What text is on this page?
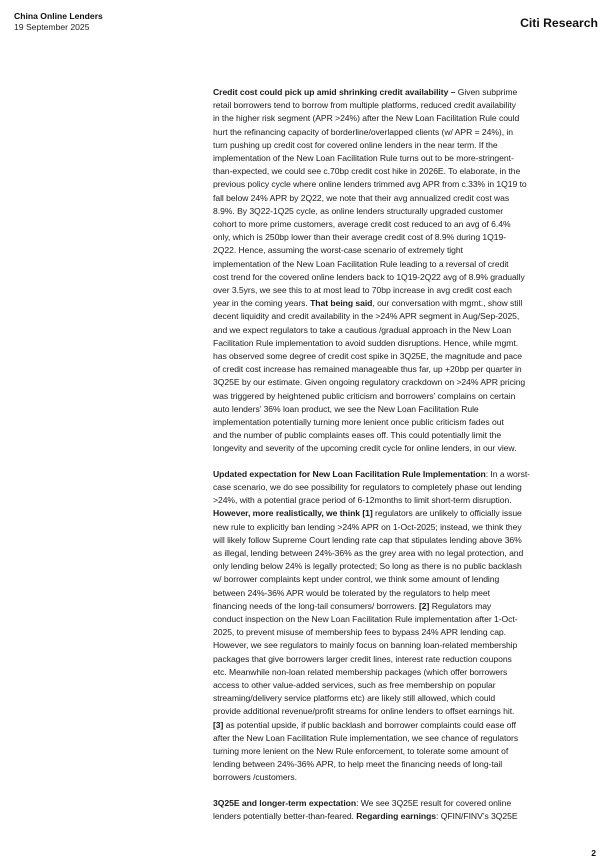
China Online Lenders
19 September 2025	Citi Research

Credit cost could pick up amid shrinking credit availability – Given subprime
retail borrowers tend to borrow from multiple platforms, reduced credit availability
in the higher risk segment (APR >24%) after the New Loan Facilitation Rule could
hurt the refinancing capacity of borderline/overlapped clients (w/ APR = 24%), in
turn pushing up credit cost for covered online lenders in the near term. If the
implementation of the New Loan Facilitation Rule turns out to be more-stringent-
than-expected, we could see c.70bp credit cost hike in 2026E. To elaborate, in the
previous policy cycle where online lenders trimmed avg APR from c.33% in 1Q19 to
fall below 24% APR by 2Q22, we note that their avg annualized credit cost was
8.9%. By 3Q22-1Q25 cycle, as online lenders structurally upgraded customer
cohort to more prime customers, average credit cost reduced to an avg of 6.4%
only, which is 250bp lower than their average credit cost of 8.9% during 1Q19-
2Q22. Hence, assuming the worst-case scenario of extremely tight
implementation of the New Loan Facilitation Rule leading to a reversal of credit
cost trend for the covered online lenders back to 1Q19-2Q22 avg of 8.9% gradually
over 3.5yrs, we see this to at most lead to 70bp increase in avg credit cost each
year in the coming years. That being said, our conversation with mgmt., show still
decent liquidity and credit availability in the >24% APR segment in Aug/Sep-2025,
and we expect regulators to take a cautious /gradual approach in the New Loan
Facilitation Rule implementation to avoid sudden disruptions. Hence, while mgmt.
has observed some degree of credit cost spike in 3Q25E, the magnitude and pace
of credit cost increase has remained manageable thus far, up +20bp per quarter in
3Q25E by our estimate. Given ongoing regulatory crackdown on >24% APR pricing
was triggered by heightened public criticism and borrowers’ complains on certain
auto lenders’ 36% loan product, we see the New Loan Facilitation Rule
implementation potentially turning more lenient once public criticism fades out
and the number of public complaints eases off. This could potentially limit the
longevity and severity of the upcoming credit cycle for online lenders, in our view.

Updated expectation for New Loan Facilitation Rule Implementation: In a worst-
case scenario, we do see possibility for regulators to completely phase out lending
>24%, with a potential grace period of 6-12months to limit short-term disruption.
However, more realistically, we think [1] regulators are unlikely to officially issue
new rule to explicitly ban lending >24% APR on 1-Oct-2025; instead, we think they
will likely follow Supreme Court lending rate cap that stipulates lending above 36%
as illegal, lending between 24%-36% as the grey area with no legal protection, and
only lending below 24% is legally protected; So long as there is no public backlash
w/ borrower complaints kept under control, we think some amount of lending
between 24%-36% APR would be tolerated by the regulators to help meet
financing needs of the long-tail consumers/ borrowers. [2] Regulators may
conduct inspection on the New Loan Facilitation Rule implementation after 1-Oct-
2025, to prevent misuse of membership fees to bypass 24% APR lending cap.
However, we see regulators to mainly focus on banning loan-related membership
packages that give borrowers larger credit lines, interest rate reduction coupons
etc. Meanwhile non-loan related membership packages (which offer borrowers
access to other value-added services, such as free membership on popular
streaming/delivery service platforms etc) are likely still allowed, which could
provide additional revenue/profit streams for online lenders to offset earnings hit.
[3] as potential upside, if public backlash and borrower complaints could ease off
after the New Loan Facilitation Rule implementation, we see chance of regulators
turning more lenient on the New Rule enforcement, to tolerate some amount of
lending between 24%-36% APR, to help meet the financing needs of long-tail
borrowers /customers.

3Q25E and longer-term expectation: We see 3Q25E result for covered online
lenders potentially better-than-feared. Regarding earnings: QFIN/FINV’s 3Q25E

2
